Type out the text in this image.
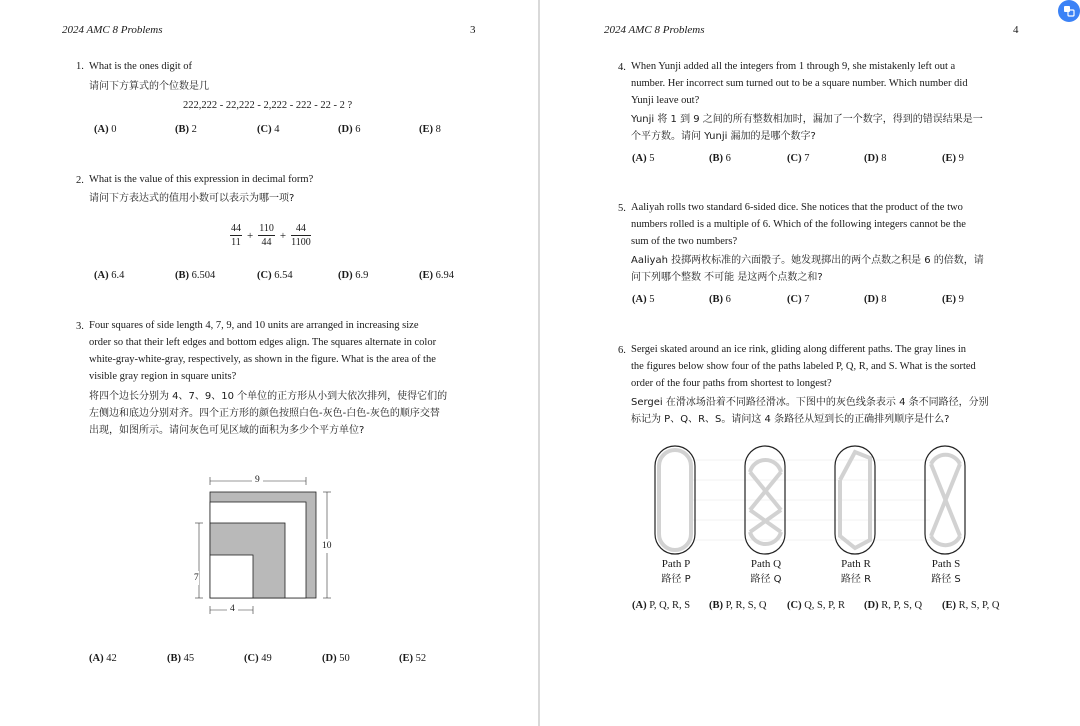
2024 AMC 8 Problems	3
1. What is the ones digit of
请问下方算式的个位数是几
222,222 - 22,222 - 2,222 - 222 - 22 - 2 ?
(A) 0	(B) 2	(C) 4	(D) 6	(E) 8
2. What is the value of this expression in decimal form?
请问下方表达式的值用小数可以表示为哪一项?
$\frac{44}{11} + \frac{110}{44} + \frac{44}{1100}$
(A) 6.4	(B) 6.504	(C) 6.54	(D) 6.9	(E) 6.94
3. Four squares of side length 4, 7, 9, and 10 units are arranged in increasing size
order so that their left edges and bottom edges align. The squares alternate in color
white-gray-white-gray, respectively, as shown in the figure. What is the area of the
visible gray region in square units?
将四个边长分别为 4、7、9、10 个单位的正方形从小到大依次排列，使得它们的
左侧边和底边分别对齐。四个正方形的颜色按照白色-灰色-白色-灰色的顺序交替
出现，如图所示。请问灰色可见区域的面积为多少个平方单位?
9
10
7
4
(A) 42	(B) 45	(C) 49	(D) 50	(E) 52
2024 AMC 8 Problems	4
4. When Yunji added all the integers from 1 through 9, she mistakenly left out a
number. Her incorrect sum turned out to be a square number. Which number did
Yunji leave out?
Yunji 将 1 到 9 之间的所有整数相加时，漏加了一个数字，得到的错误结果是一
个平方数。请问 Yunji 漏加的是哪个数字?
(A) 5	(B) 6	(C) 7	(D) 8	(E) 9
5. Aaliyah rolls two standard 6-sided dice. She notices that the product of the two
numbers rolled is a multiple of 6. Which of the following integers cannot be the
sum of the two numbers?
Aaliyah 投掷两枚标准的六面骰子。她发现掷出的两个点数之积是 6 的倍数，请
问下列哪个整数 不可能 是这两个点数之和?
(A) 5	(B) 6	(C) 7	(D) 8	(E) 9
6. Sergei skated around an ice rink, gliding along different paths. The gray lines in
the figures below show four of the paths labeled P, Q, R, and S. What is the sorted
order of the four paths from shortest to longest?
Sergei 在滑冰场沿着不同路径滑冰。下图中的灰色线条表示 4 条不同路径，分别
标记为 P、Q、R、S。请问这 4 条路径从短到长的正确排列顺序是什么?
Path P
路径 P
Path Q
路径 Q
Path R
路径 R
Path S
路径 S
(A) P, Q, R, S (B) P, R, S, Q (C) Q, S, P, R (D) R, P, S, Q (E) R, S, P, Q
